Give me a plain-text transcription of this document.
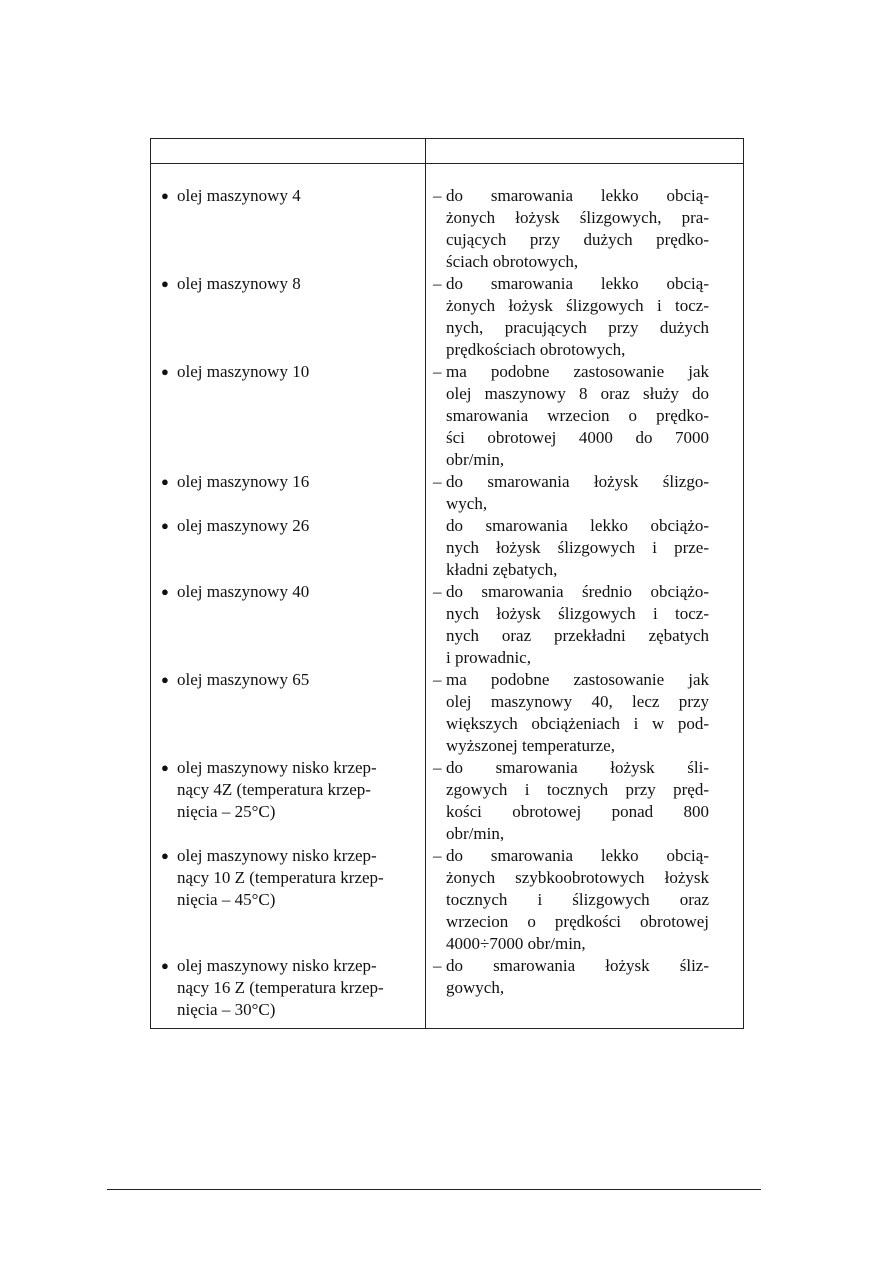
● olej maszynowy 4	– do smarowania lekko obcią-
żonych łożysk ślizgowych, pra-
cujących przy dużych prędko-
ściach obrotowych,
● olej maszynowy 8	– do smarowania lekko obcią-
żonych łożysk ślizgowych i tocz-
nych, pracujących przy dużych
prędkościach obrotowych,
● olej maszynowy 10	– ma podobne zastosowanie jak
olej maszynowy 8 oraz służy do
smarowania wrzecion o prędko-
ści obrotowej 4000 do 7000
obr/min,
● olej maszynowy 16	– do smarowania łożysk ślizgo-
wych,
● olej maszynowy 26	do smarowania lekko obciążo-
nych łożysk ślizgowych i prze-
kładni zębatych,
● olej maszynowy 40	– do smarowania średnio obciążo-
nych łożysk ślizgowych i tocz-
nych oraz przekładni zębatych
i prowadnic,
● olej maszynowy 65	– ma podobne zastosowanie jak
olej maszynowy 40, lecz przy
większych obciążeniach i w pod-
wyższonej temperaturze,
● olej maszynowy nisko krzep-
nący 4Z (temperatura krzep-
nięcia – 25°C)
– do smarowania łożysk śli-
zgowych i tocznych przy pręd-
kości obrotowej ponad 800
obr/min,
● olej maszynowy nisko krzep-
nący 10 Z (temperatura krzep-
nięcia – 45°C)
– do smarowania lekko obcią-
żonych szybkoobrotowych łożysk
tocznych i ślizgowych oraz
wrzecion o prędkości obrotowej
4000÷7000 obr/min,
● olej maszynowy nisko krzep-
nący 16 Z (temperatura krzep-
nięcia – 30°C)
– do smarowania łożysk śliz-
gowych,
